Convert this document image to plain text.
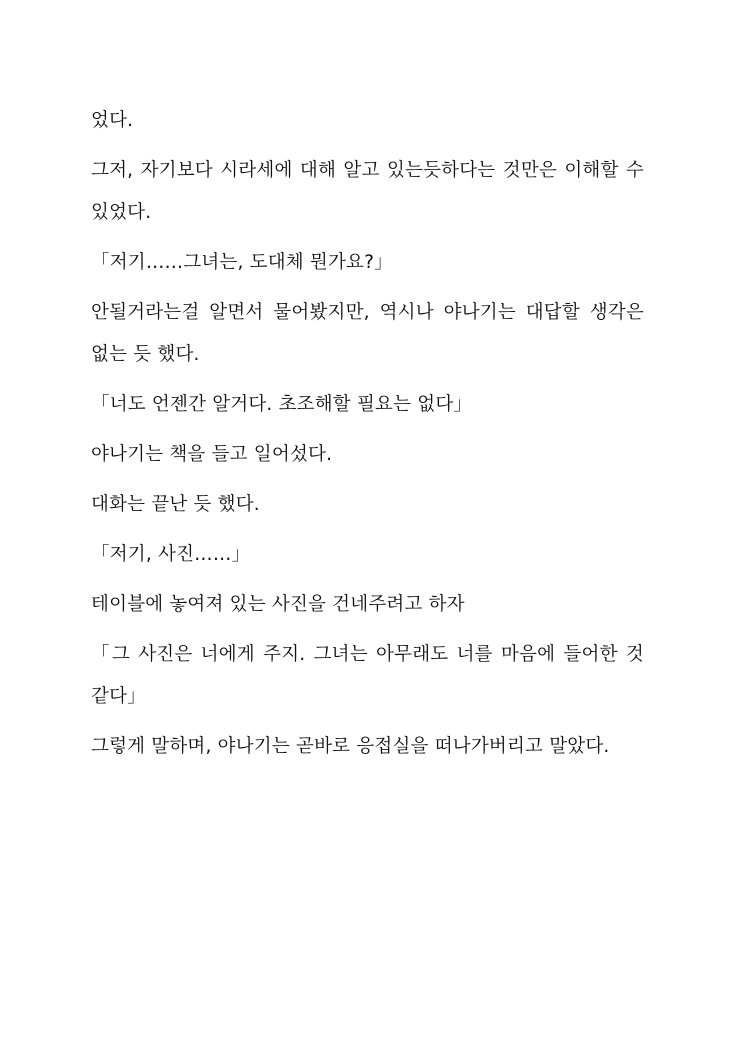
었다.

그저, 자기보다 시라세에 대해 알고 있는듯하다는 것만은 이해할 수 있었다.

「저기……그녀는, 도대체 뭔가요?」

안될거라는걸 알면서 물어봤지만, 역시나 야나기는 대답할 생각은 없는 듯 했다.

「너도 언젠간 알거다. 초조해할 필요는 없다」

야나기는 책을 들고 일어섰다.

대화는 끝난 듯 했다.

「저기, 사진……」

테이블에 놓여져 있는 사진을 건네주려고 하자

「그 사진은 너에게 주지. 그녀는 아무래도 너를 마음에 들어한 것 같다」

그렇게 말하며, 야나기는 곧바로 응접실을 떠나가버리고 말았다.
